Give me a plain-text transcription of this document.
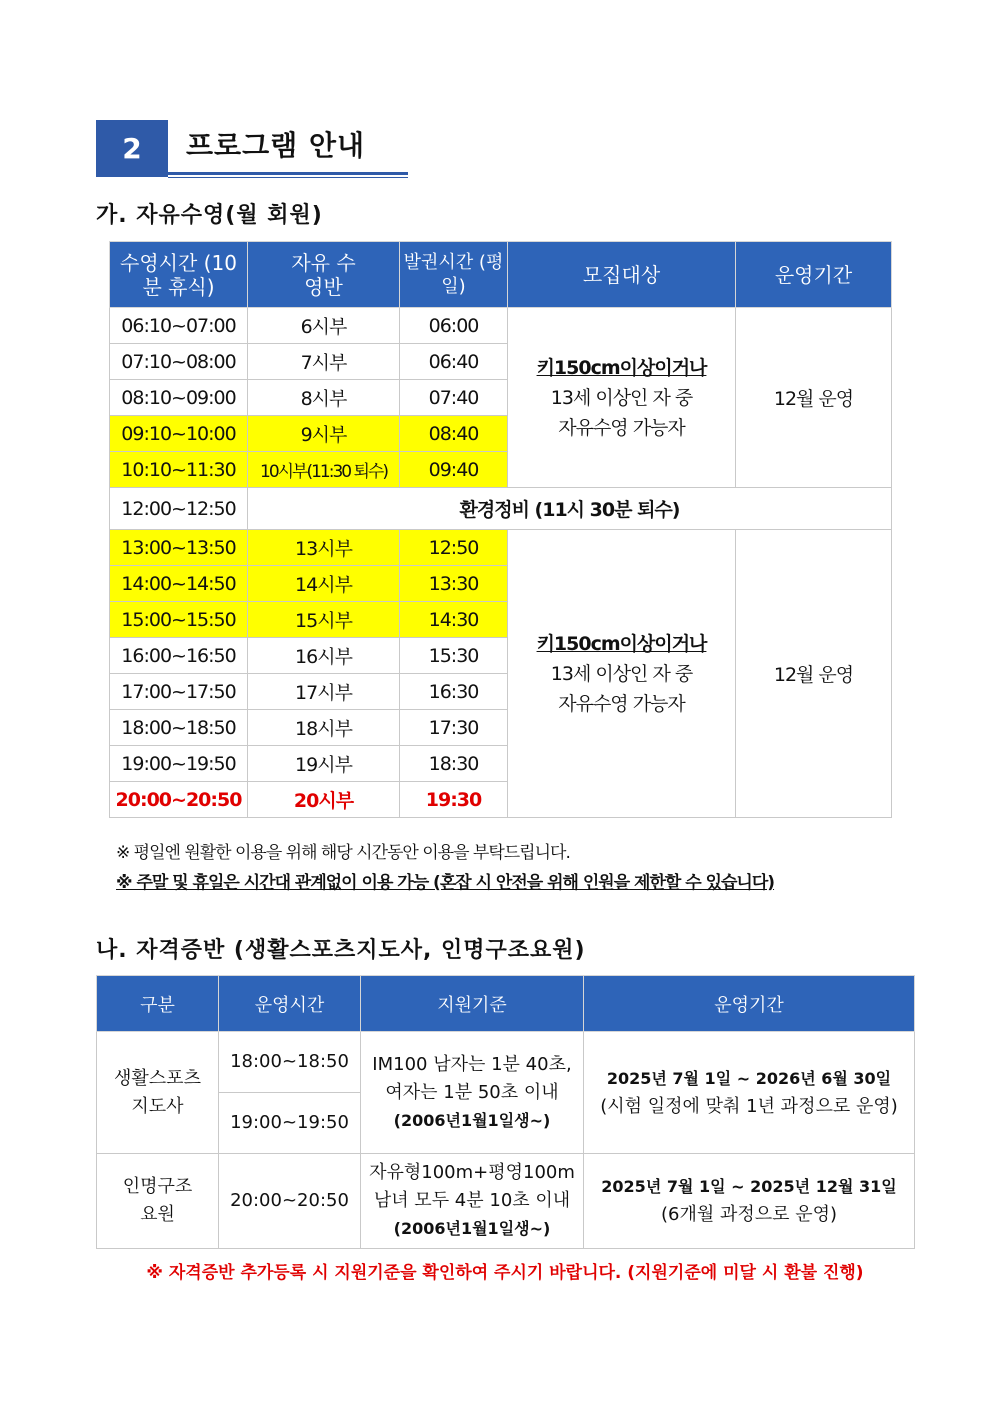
2	프로그램 안내
가. 자유수영(월 회원)
수영시간 (10분 휴식)	자유 수영반	발권시간 (평일)	모집대상	운영기간
06:10~07:00	6시부	06:00	키150cm이상이거나
13세 이상인 자 중
자유수영 가능자	12월 운영
07:10~08:00	7시부	06:40		
08:10~09:00	8시부	07:40		
09:10~10:00	9시부	08:40		
10:10~11:30	10시부(11:30 퇴수)	09:40		
12:00~12:50	환경정비 (11시 30분 퇴수)			
13:00~13:50	13시부	12:50	키150cm이상이거나
13세 이상인 자 중
자유수영 가능자	12월 운영
14:00~14:50	14시부	13:30		
15:00~15:50	15시부	14:30		
16:00~16:50	16시부	15:30		
17:00~17:50	17시부	16:30		
18:00~18:50	18시부	17:30		
19:00~19:50	19시부	18:30		
20:00~20:50	20시부	19:30		
※ 평일엔 원활한 이용을 위해 해당 시간동안 이용을 부탁드립니다.
※ 주말 및 휴일은 시간대 관계없이 이용 가능 (혼잡 시 안전을 위해 인원을 제한할 수 있습니다)
나. 자격증반 (생활스포츠지도사, 인명구조요원)
구분	운영시간	지원기준	운영기간
생활스포츠 지도사	18:00~18:50	IM100 남자는 1분 40초,
여자는 1분 50초 이내
(2006년1월1일생~)	2025년 7월 1일 ~ 2026년 6월 30일
(시험 일정에 맞춰 1년 과정으로 운영)
	19:00~19:50		
인명구조 요원	20:00~20:50	자유형100m+평영100m
남녀 모두 4분 10초 이내
(2006년1월1일생~)	2025년 7월 1일 ~ 2025년 12월 31일
(6개월 과정으로 운영)
※ 자격증반 추가등록 시 지원기준을 확인하여 주시기 바랍니다. (지원기준에 미달 시 환불 진행)
